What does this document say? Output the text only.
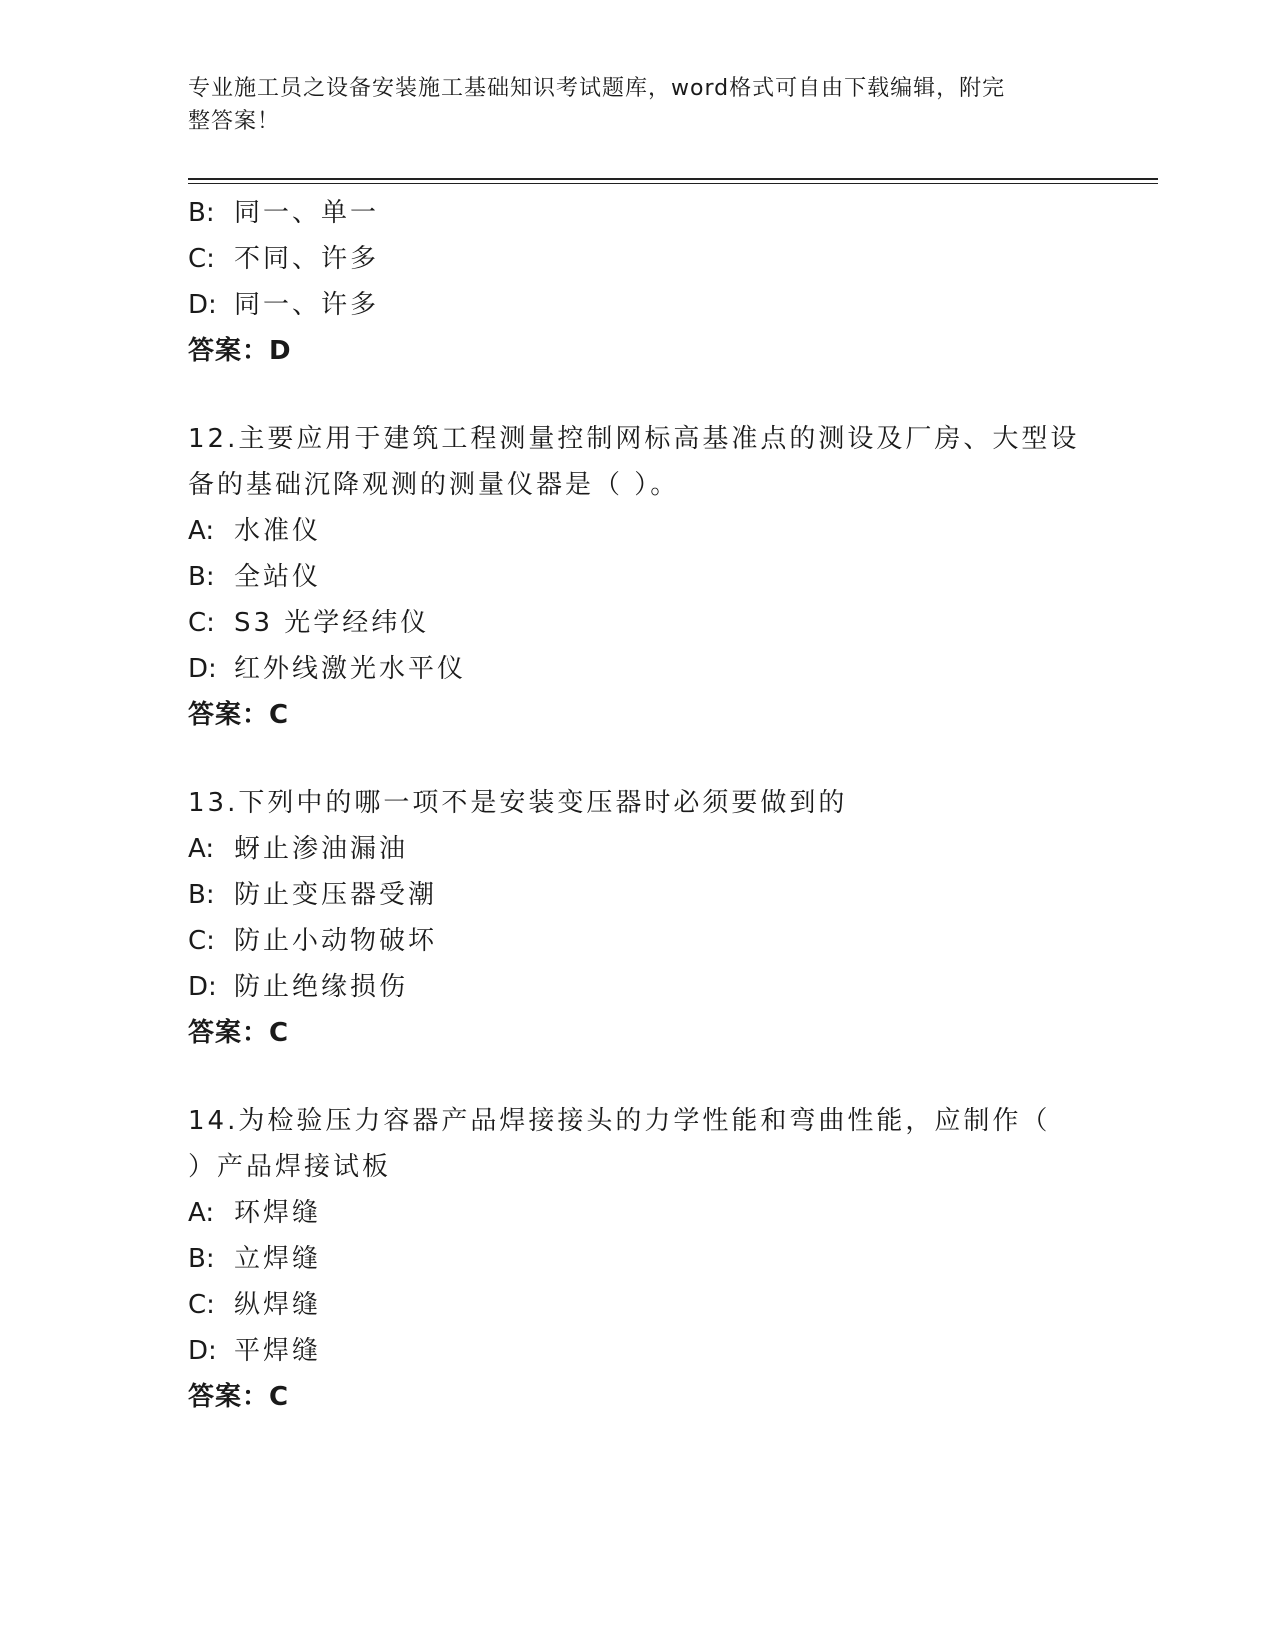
专业施工员之设备安装施工基础知识考试题库，word格式可自由下载编辑，附完
整答案！
B: 同一、单一
C: 不同、许多
D: 同一、许多
答案：D
12.主要应用于建筑工程测量控制网标高基准点的测设及厂房、大型设
备的基础沉降观测的测量仪器是（ ）。
A: 水准仪
B: 全站仪
C: S3 光学经纬仪
D: 红外线激光水平仪
答案：C
13.下列中的哪一项不是安装变压器时必须要做到的
A: 蚜止渗油漏油
B: 防止变压器受潮
C: 防止小动物破坏
D: 防止绝缘损伤
答案：C
14.为检验压力容器产品焊接接头的力学性能和弯曲性能，应制作（
）产品焊接试板
A: 环焊缝
B: 立焊缝
C: 纵焊缝
D: 平焊缝
答案：C
